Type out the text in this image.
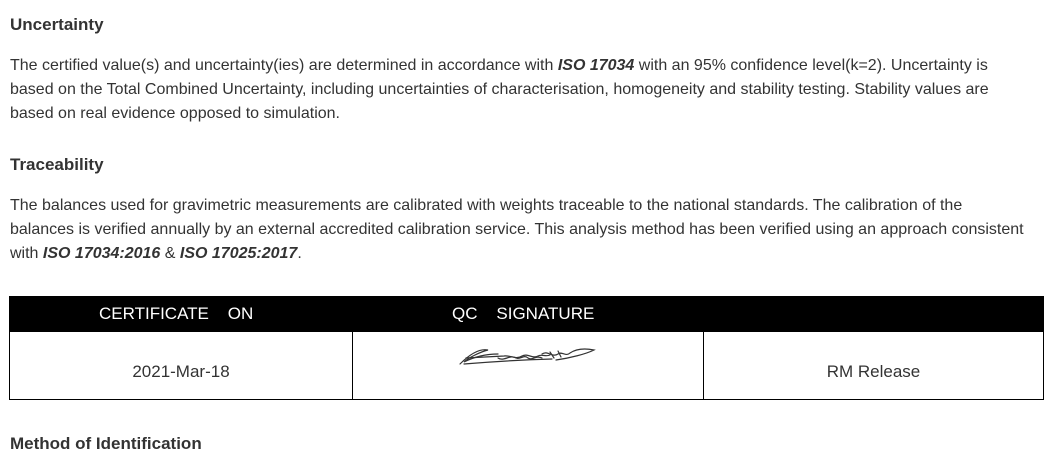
Uncertainty

The certified value(s) and uncertainty(ies) are determined in accordance with ISO 17034 with an 95% confidence level(k=2). Uncertainty is based on the Total Combined Uncertainty, including uncertainties of characterisation, homogeneity and stability testing. Stability values are based on real evidence opposed to simulation.

Traceability

The balances used for gravimetric measurements are calibrated with weights traceable to the national standards. The calibration of the balances is verified annually by an external accredited calibration service. This analysis method has been verified using an approach consistent with ISO 17034:2016 & ISO 17025:2017.

CERTIFICATE    ON	QC    SIGNATURE
2021-Mar-18	RM Release
Method of Identification
